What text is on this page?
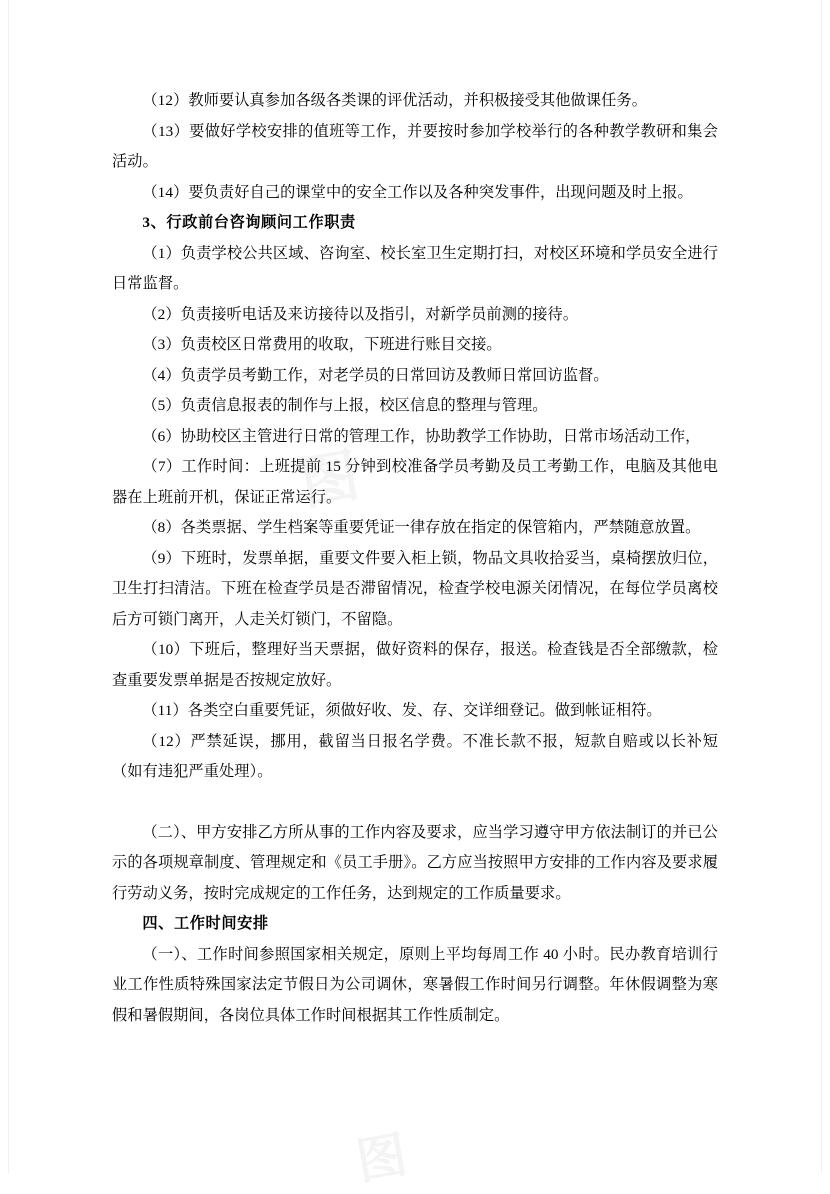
（12）教师要认真参加各级各类课的评优活动，并积极接受其他做课任务。

（13）要做好学校安排的值班等工作，并要按时参加学校举行的各种教学教研和集会活动。

（14）要负责好自己的课堂中的安全工作以及各种突发事件，出现问题及时上报。

3、行政前台咨询顾问工作职责

（1）负责学校公共区域、咨询室、校长室卫生定期打扫，对校区环境和学员安全进行日常监督。

（2）负责接听电话及来访接待以及指引，对新学员前测的接待。

（3）负责校区日常费用的收取，下班进行账目交接。

（4）负责学员考勤工作，对老学员的日常回访及教师日常回访监督。

（5）负责信息报表的制作与上报，校区信息的整理与管理。

（6）协助校区主管进行日常的管理工作，协助教学工作协助，日常市场活动工作，

（7）工作时间：上班提前 15 分钟到校准备学员考勤及员工考勤工作，电脑及其他电器在上班前开机，保证正常运行。

（8）各类票据、学生档案等重要凭证一律存放在指定的保管箱内，严禁随意放置。

（9）下班时，发票单据，重要文件要入柜上锁，物品文具收拾妥当，桌椅摆放归位，卫生打扫清洁。下班在检查学员是否滞留情况，检查学校电源关闭情况，在每位学员离校后方可锁门离开，人走关灯锁门，不留隐。

（10）下班后，整理好当天票据，做好资料的保存，报送。检查钱是否全部缴款，检查重要发票单据是否按规定放好。

（11）各类空白重要凭证，须做好收、发、存、交详细登记。做到帐证相符。

（12）严禁延误，挪用，截留当日报名学费。不准长款不报，短款自赔或以长补短（如有违犯严重处理）。

（二）、甲方安排乙方所从事的工作内容及要求，应当学习遵守甲方依法制订的并已公示的各项规章制度、管理规定和《员工手册》。乙方应当按照甲方安排的工作内容及要求履行劳动义务，按时完成规定的工作任务，达到规定的工作质量要求。

四、工作时间安排

（一）、工作时间参照国家相关规定，原则上平均每周工作 40 小时。民办教育培训行业工作性质特殊国家法定节假日为公司调休，寒暑假工作时间另行调整。年休假调整为寒假和暑假期间，各岗位具体工作时间根据其工作性质制定。
